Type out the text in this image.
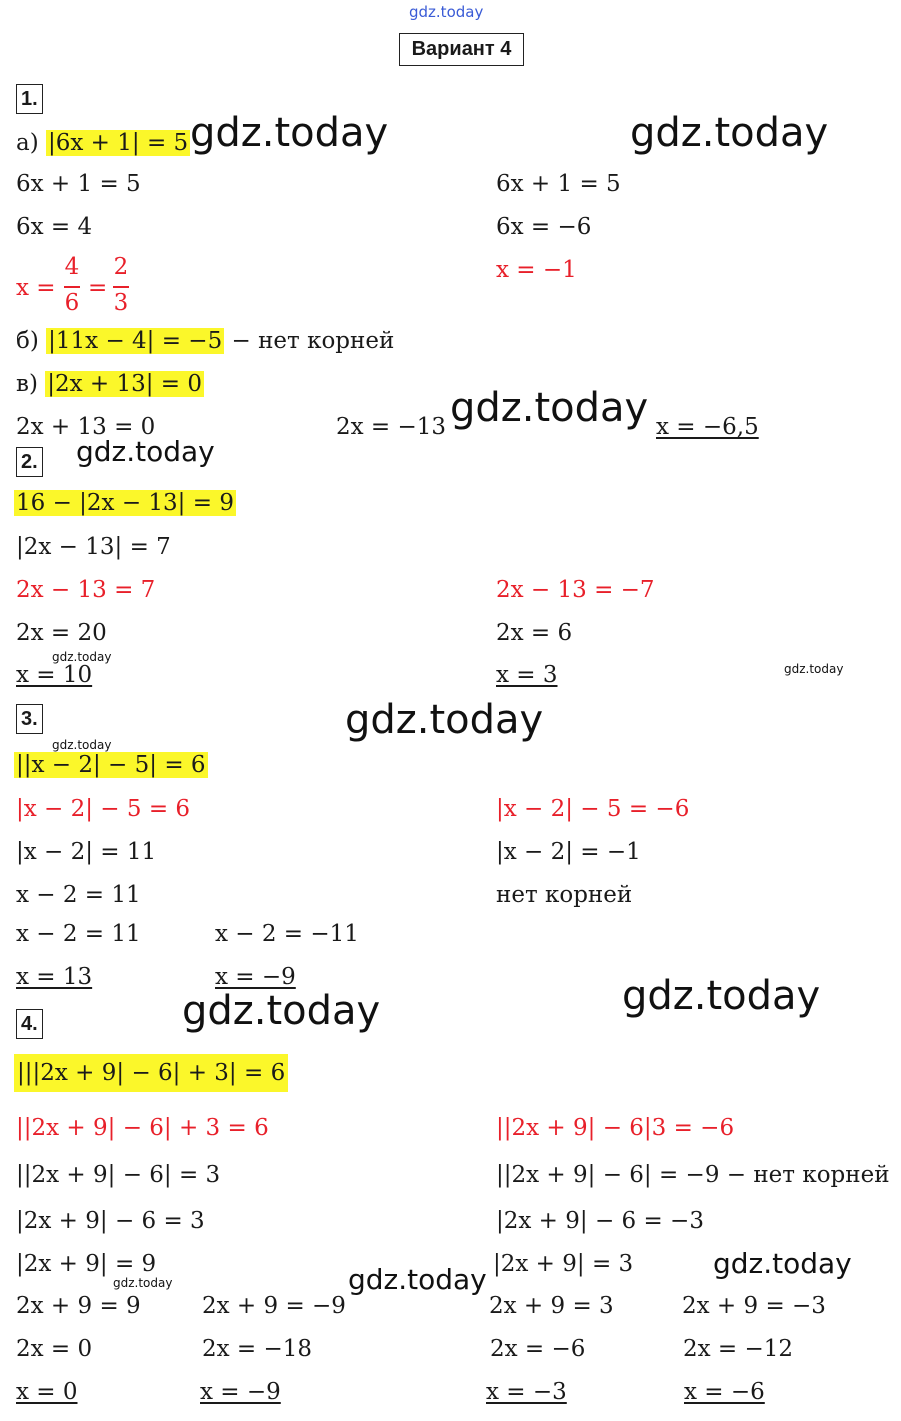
gdz.today
Вариант 4
1.
а) |6x + 1| = 5 gdz.today	gdz.today
6x + 1 = 5
6x = 4
x =
4
6
=
2
3
6x + 1 = 5
6x = −6
x = −1
б) |11x − 4| = −5 − нет корней
в) |2x + 13| = 0
2x + 13 = 0	2x = −13 gdz.today x = −6,5
2. gdz.today
16 − |2x − 13| = 9
|2x − 13| = 7
2x − 13 = 7
2x = 20
gdz.today
x = 10
2x − 13 = −7
2x = 6
x = 3	gdz.today
3.	gdz.today
gdz.today
||x − 2| − 5| = 6
|x − 2| − 5 = 6
|x − 2| = 11
x − 2 = 11
x − 2 = 11	x − 2 = −11
x = 13	x = −9
|x − 2| − 5 = −6
|x − 2| = −1
нет корней
4.	gdz.today	gdz.today
|||2x + 9| − 6| + 3| = 6
||2x + 9| − 6| + 3 = 6
||2x + 9| − 6| = 3
|2x + 9| − 6 = 3
|2x + 9| = 9
gdz.today	gdz.today
2x + 9 = 9	2x + 9 = −9
2x = 0	2x = −18
x = 0	x = −9
||2x + 9| − 6|3 = −6
||2x + 9| − 6| = −9 − нет корней
|2x + 9| − 6 = −3
|2x + 9| = 3	gdz.today
2x + 9 = 3	2x + 9 = −3
2x = −6	2x = −12
x = −3	x = −6
